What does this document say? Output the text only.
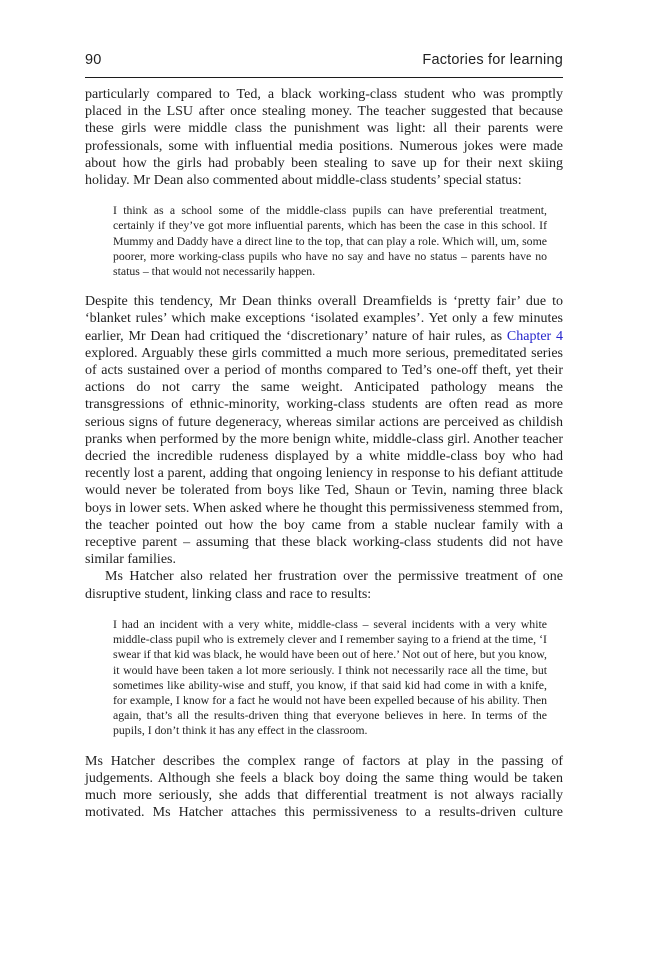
90	Factories for learning

particularly compared to Ted, a black working-class student who was promptly placed in the LSU after once stealing money. The teacher suggested that because these girls were middle class the punishment was light: all their parents were professionals, some with influential media positions. Numerous jokes were made about how the girls had probably been stealing to save up for their next skiing holiday. Mr Dean also commented about middle-class students’ special status:

I think as a school some of the middle-class pupils can have preferential treatment, certainly if they’ve got more influential parents, which has been the case in this school. If Mummy and Daddy have a direct line to the top, that can play a role. Which will, um, some poorer, more working-class pupils who have no say and have no status – parents have no status – that would not necessarily happen.

Despite this tendency, Mr Dean thinks overall Dreamfields is ‘pretty fair’ due to ‘blanket rules’ which make exceptions ‘isolated examples’. Yet only a few minutes earlier, Mr Dean had critiqued the ‘discretionary’ nature of hair rules, as Chapter 4 explored. Arguably these girls committed a much more serious, premeditated series of acts sustained over a period of months compared to Ted’s one-off theft, yet their actions do not carry the same weight. Anticipated pathology means the transgressions of ethnic-minority, working-class students are often read as more serious signs of future degeneracy, whereas similar actions are perceived as childish pranks when performed by the more benign white, middle-class girl. Another teacher decried the incredible rudeness displayed by a white middle-class boy who had recently lost a parent, adding that ongoing leniency in response to his defiant attitude would never be tolerated from boys like Ted, Shaun or Tevin, naming three black boys in lower sets. When asked where he thought this permissiveness stemmed from, the teacher pointed out how the boy came from a stable nuclear family with a receptive parent – assuming that these black working-class students did not have similar families.

Ms Hatcher also related her frustration over the permissive treatment of one disruptive student, linking class and race to results:

I had an incident with a very white, middle-class – several incidents with a very white middle-class pupil who is extremely clever and I remember saying to a friend at the time, ‘I swear if that kid was black, he would have been out of here.’ Not out of here, but you know, it would have been taken a lot more seriously. I think not necessarily race all the time, but sometimes like ability-wise and stuff, you know, if that said kid had come in with a knife, for example, I know for a fact he would not have been expelled because of his ability. Then again, that’s all the results-driven thing that everyone believes in here. In terms of the pupils, I don’t think it has any effect in the classroom.

Ms Hatcher describes the complex range of factors at play in the passing of judgements. Although she feels a black boy doing the same thing would be taken much more seriously, she adds that differential treatment is not always racially motivated. Ms Hatcher attaches this permissiveness to a results-driven culture
